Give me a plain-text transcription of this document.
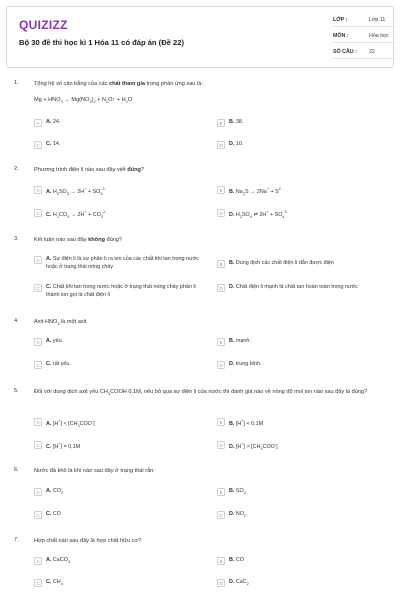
QUIZIZZ
Bộ 30 đề thi học kì 1 Hóa 11 có đáp án (Đề 22)
LỚP :	Lớp 11
MÔN :	Hóa học
SỐ CÂU : 32
1.	Tổng hệ số cân bằng của các chất tham gia trong phản ứng sau là:
$Mg + HNO_3 \to Mg(NO_3)_2$ + $N_2O↑ + H_2O$
A	A. 24.	B	B. 38.
C	C. 14.	D	D. 10.
2.	Phương trình điện li nào sau đây viết đúng?
A	A. $H_2SO_3 \to 2H^+ + SO_3^{2-}$	B	B. $Na_2S \to 2Na^+ + S^2$
C	C. $H_2CO_3 \to 2H^+ + CO_3^{2-}$	D	D. $H_2SO_4$ ⇌ $2H^+ + SO_4^{2-}$
3.	Kết luận nào sau đây không đúng?
A	A. Sự điện li là sự phân li ra ion của các chất khi tan trong nước hoặc ở trạng thái nóng chảy	B	B. Dung dịch các chất điện li dẫn được điện
C	C. Chất khi tan trong nước hoặc ở trạng thái nóng chảy phân li thành ion gọi là chất điện li
D	D. Chất điện li mạnh là chất tan hoàn toàn trong nước
4.	Axit $HNO_3$ là một axit
A	A. yếu.	B	B. mạnh.
C	C. rất yếu.	D	D. trung bình.
5.	Đối với dung dịch axit yếu $CH_3COOH$ 0,1M, nếu bỏ qua sự điện li của nước thì đánh giá nào về nồng độ mol ion nào sau đây là đúng?
A	A. $[H^+] < [CH_3COO^-]$	B	B. [H+] < 0,1M
C	C. [H+] = 0,1M	D	D. $[H^+] > [CH_3COO^-]$
6.	Nước đá khô là khí nào sau đây ở trạng thái rắn:
A	A. $CO_2$	B	B. $SO_2$
C	C. CO	D	D. $NO_2$
7.	Hợp chất nào sau đây là hợp chất hữu cơ?
A	A. CaCO$_3$	B	B. CO
C	C. $CH_4$	D	D. CaC$_2$
